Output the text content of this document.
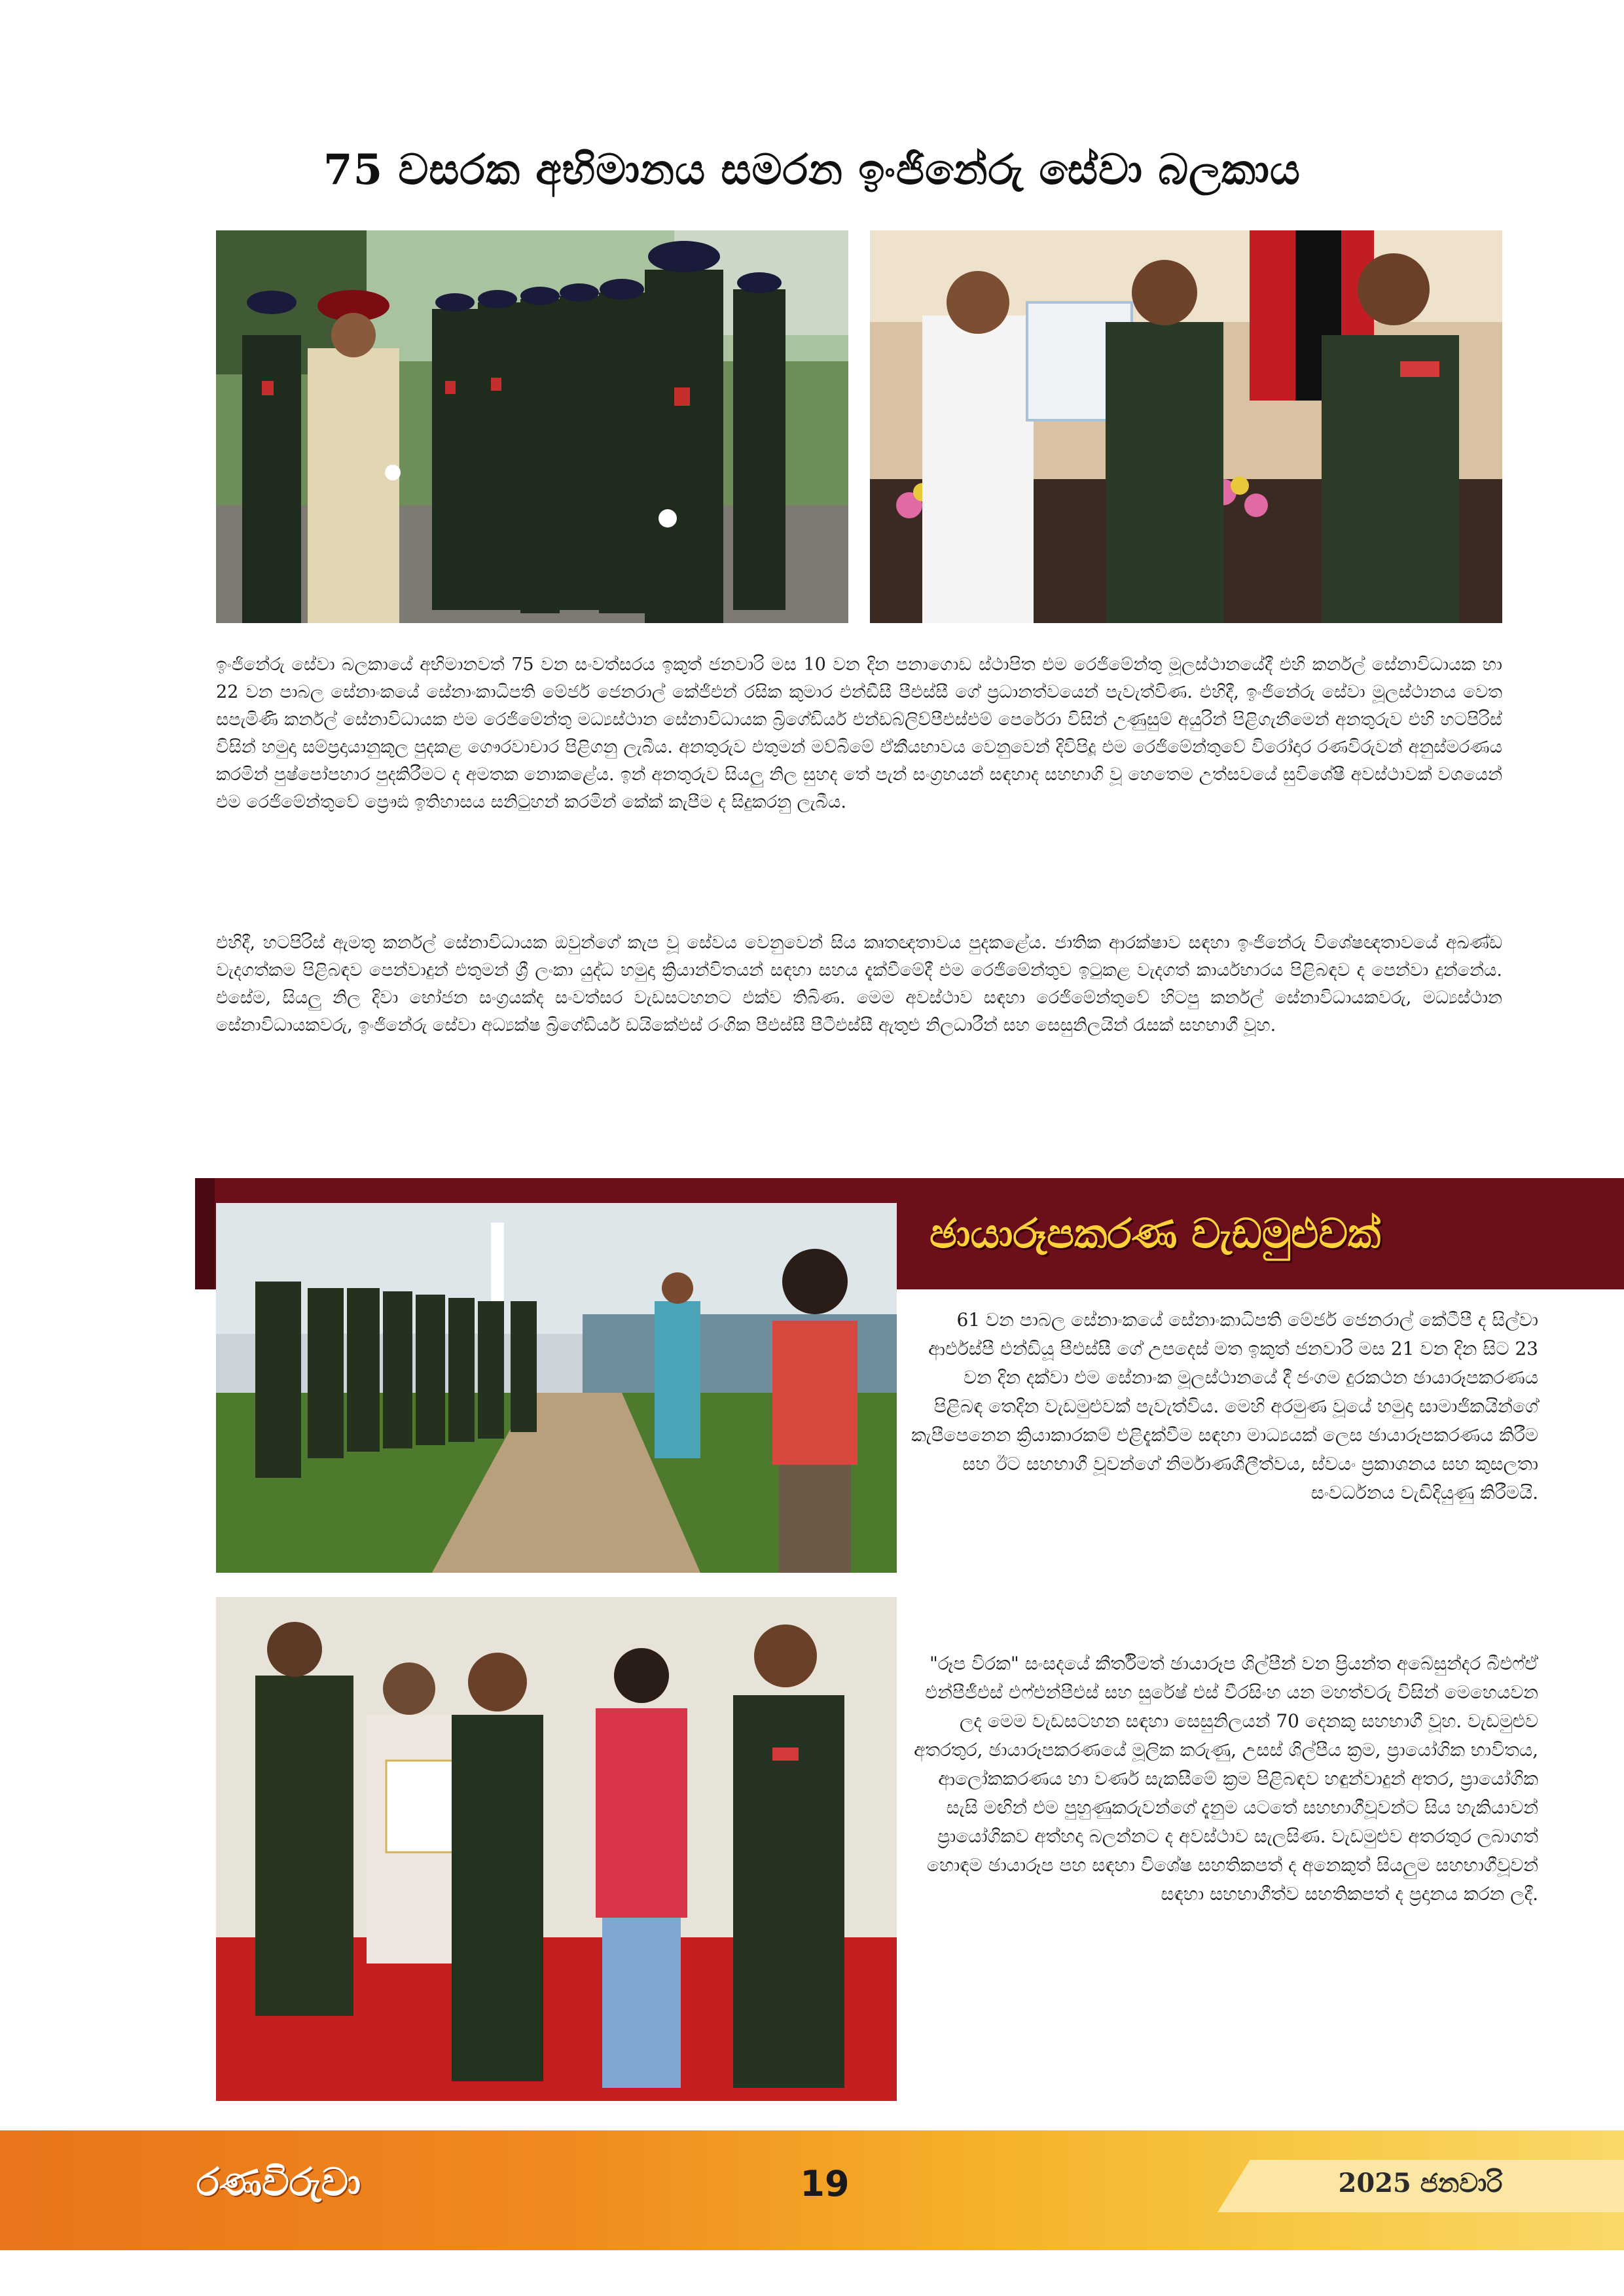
75 වසරක අභිමානය සමරන ඉංජිනේරු සේවා බලකාය

ඉංජිනේරු සේවා බලකායේ අභිමානවත් 75 වන සංවත්සරය ඉකුත් ජනවාරි මස 10 වන දින පනාගොඩ ස්ථාපිත එම රෙජිමේන්තු මූලස්ථානයේදී එහි කර්නල් සේනාවිධායක හා 22 වන පාබල සේනාංකයේ සේනාංකාධිපති මේජර් ජෙනරාල් කේජීඑන් රසික කුමාර එන්ඩීසී පීඑස්සී ගේ ප්‍රධානත්වයෙන් පැවැත්විණ. එහිදී, ඉංජිනේරු සේවා මූලස්ථානය වෙත සපැමිණි කර්නල් සේනාවිධායක එම රෙජිමේන්තු මධ්‍යස්ථාන සේනාවිධායක බ්‍රිගේඩියර් එන්ඩබ්ලිව්පීඑස්එම් පෙරේරා විසින් උණුසුම් අයුරින් පිළිගැනීමෙන් අනතුරුව එහි හටපිරිස් විසින් හමුදා සම්ප්‍රදායානුකූල පුදකළ ගෞරවාචාර පිළිගනු ලැබීය. අනතුරුව එතුමන් මව්බිමේ ඒකීයභාවය වෙනුවෙන් දිවිපිදූ එම රෙජිමේන්තුවේ විරෝදාර රණවිරුවන් අනුස්මරණය කරමින් පුෂ්පෝපහාර පුදකිරීමට ද අමතක නොකළේය. ඉන් අනතුරුව සියලු නිල සුහද තේ පැන් සංග්‍රහයන් සඳහාද සහභාගි වූ හෙතෙම උත්සවයේ සුවිශේෂී අවස්ථාවක් වශයෙන් එම රෙජිමේන්තුවේ ප්‍රෞඪ ඉතිහාසය සනිටුහන් කරමින් කේක් කැපීම ද සිදුකරනු ලැබීය.

එහිදී, හටපිරිස් ඇමතූ කර්නල් සේනාවිධායක ඔවුන්ගේ කැප වූ සේවය වෙනුවෙන් සිය කෘතඥතාවය පුදකළේය. ජාතික ආරක්ෂාව සඳහා ඉංජිනේරු විශේෂඥතාවයේ අඛණ්ඩ වැදගත්කම පිළිබඳව පෙන්වාදුන් එතුමන් ශ්‍රී ලංකා යුද්ධ හමුදා ක්‍රියාන්විතයන් සඳහා සහය දැක්වීමේදී එම රෙජිමේන්තුව ඉටුකළ වැදගත් කාර්යභාරය පිළිබඳව ද පෙන්වා දුන්නේය. එසේම, සියලු නිල දිවා භෝජන සංග්‍රයක්ද සංවත්සර වැඩසටහනට එක්ව තිබිණ. මෙම අවස්ථාව සඳහා රෙජිමේන්තුවේ හිටපු කර්නල් සේනාවිධායකවරු, මධ්‍යස්ථාන සේනාවිධායකවරු, ඉංජිනේරු සේවා අධ්‍යක්ෂ බ්‍රිගේඩියර් ඩයිකේඑස් රංගික පීඑස්සී පීටීඑස්සී ඇතුළු නිලධාරීන් සහ සෙසුනිලයින් රැසක් සහභාගී වූහ.

ඡායාරූපකරණ වැඩමුළුවක්

61 වන පාබල සේනාංකයේ සේනාංකාධිපති මේජර් ජෙනරාල් කේටීපී ද සිල්වා ආර්එස්පී එන්ඩියූ පීඑස්සී ගේ උපදෙස් මත ඉකුත් ජනවාරි මස 21 වන දින සිට 23 වන දින දක්වා එම සේනාංක මූලස්ථානයේ දී ජංගම දුරකථන ඡායාරූපකරණය පිළිබඳ තෙදින වැඩමුළුවක් පැවැත්විය. මෙහි අරමුණ වූයේ හමුදා සාමාජිකයින්ගේ කැපීපෙනෙන ක්‍රියාකාරකම් එළිදැක්වීම සඳහා මාධ්‍යයක් ලෙස ඡායාරූපකරණය කිරීම සහ ඊට සහභාගී වූවන්ගේ නිර්මාණශීලීත්වය, ස්වයං ප්‍රකාශනය සහ කුසලතා සංවර්ධනය වැඩිදියුණු කිරීමයි.

"රූප විරක" සංසදයේ කීර්තිමත් ඡායාරූප ශිල්පීන් වන ප්‍රියන්ත අබේසුන්දර බීඑෆ්ඒ එන්පීජීඑස් එෆ්එන්පීඑස් සහ සුරේෂ් එස් වීරසිංහ යන මහත්වරු විසින් මෙහෙයවන ලද මෙම වැඩසටහන සඳහා සෙසුනිලයන් 70 දෙනකු සහභාගී වූහ. වැඩමුළුව අතරතුර, ඡායාරූපකරණයේ මූලික කරුණු, උසස් ශිල්පීය ක්‍රම, ප්‍රායෝගික භාවිතය, ආලෝකකරණය හා වර්ණ සැකසීමේ ක්‍රම පිළිබඳව හඳුන්වාදුන් අතර, ප්‍රායෝගික සැසි මඟින් එම පුහුණුකරුවන්ගේ දැනුම යටතේ සහභාගීවූවන්ට සිය හැකියාවන් ප්‍රායෝගිකව අත්හදා බලන්නට ද අවස්ථාව සැලසිණ. වැඩමුළුව අතරතුර ලබාගත් හොඳම ඡායාරූප පහ සඳහා විශේෂ සහතිකපත් ද අනෙකුත් සියලුම සහභාගීවූවන් සඳහා සහභාගීත්ව සහතිකපත් ද ප්‍රදානය කරන ලදී.

රණවිරුවා	19	2025 ජනවාරි
